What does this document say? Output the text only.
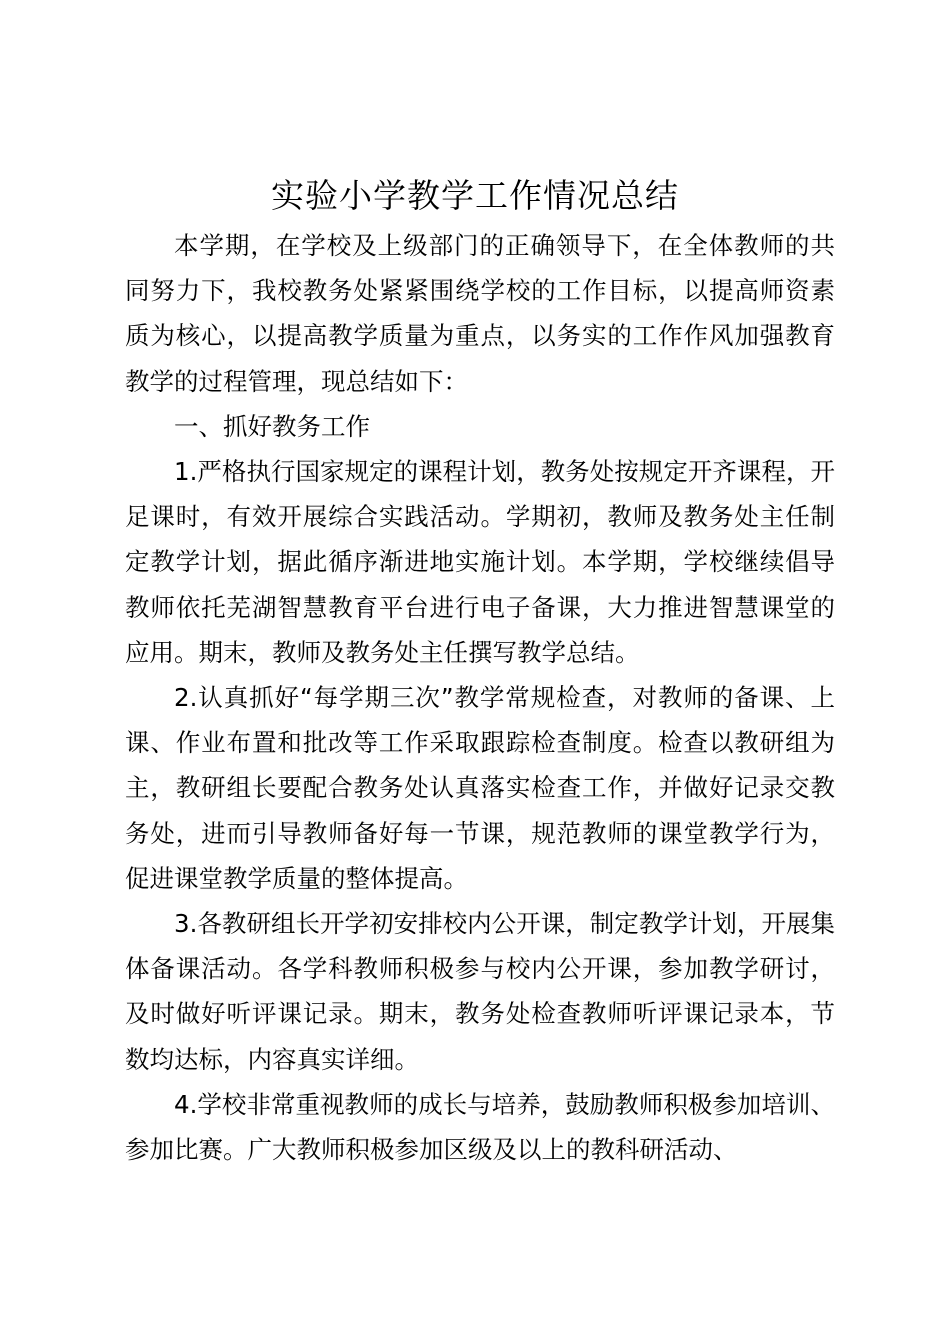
实验小学教学工作情况总结

本学期，在学校及上级部门的正确领导下，在全体教师的共同努力下，我校教务处紧紧围绕学校的工作目标，以提高师资素质为核心，以提高教学质量为重点，以务实的工作作风加强教育教学的过程管理，现总结如下：

一、抓好教务工作

1.严格执行国家规定的课程计划，教务处按规定开齐课程，开足课时，有效开展综合实践活动。学期初，教师及教务处主任制定教学计划，据此循序渐进地实施计划。本学期，学校继续倡导教师依托芜湖智慧教育平台进行电子备课，大力推进智慧课堂的应用。期末，教师及教务处主任撰写教学总结。

2.认真抓好“每学期三次”教学常规检查，对教师的备课、上课、作业布置和批改等工作采取跟踪检查制度。检查以教研组为主，教研组长要配合教务处认真落实检查工作，并做好记录交教务处，进而引导教师备好每一节课，规范教师的课堂教学行为，促进课堂教学质量的整体提高。

3.各教研组长开学初安排校内公开课，制定教学计划，开展集体备课活动。各学科教师积极参与校内公开课，参加教学研讨，及时做好听评课记录。期末，教务处检查教师听评课记录本，节数均达标，内容真实详细。

4.学校非常重视教师的成长与培养，鼓励教师积极参加培训、参加比赛。广大教师积极参加区级及以上的教科研活动、
